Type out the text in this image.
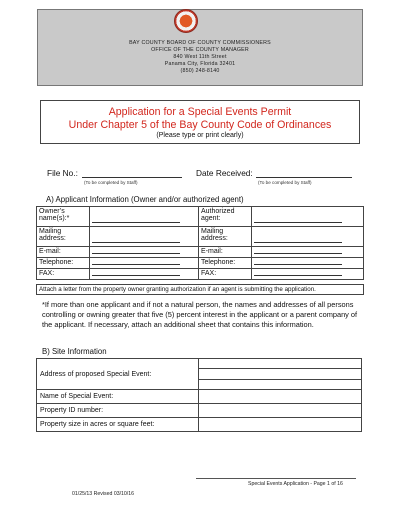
BAY COUNTY BOARD OF COUNTY COMMISSIONERS
OFFICE OF THE COUNTY MANAGER
840 West 11th Street
Panama City, Florida 32401
(850) 248-8140
Application for a Special Events Permit
Under Chapter 5 of the Bay County Code of Ordinances
(Please type or print clearly)
File No.:
(To be completed by Staff)
Date Received:
(To be completed by Staff)
A) Applicant Information (Owner and/or authorized agent)
Owner’s name(s):*		Authorized agent:	
Mailing address:		Mailing address:	
E-mail:		E-mail:	
Telephone:		Telephone:	
FAX:		FAX:	
Attach a letter from the property owner granting authorization if an agent is submitting the application.
*If more than one applicant and if not a natural person, the names and addresses of all persons controlling or owning greater that five (5) percent interest in the applicant or a parent company of the applicant. If necessary, attach an additional sheet that contains this information.
B) Site Information
Address of proposed Special Event:	

Name of Special Event:	
Property ID number:	
Property size in acres or square feet:	
Special Events Application - Page 1 of 16
01/25/13 Revised 03/10/16
